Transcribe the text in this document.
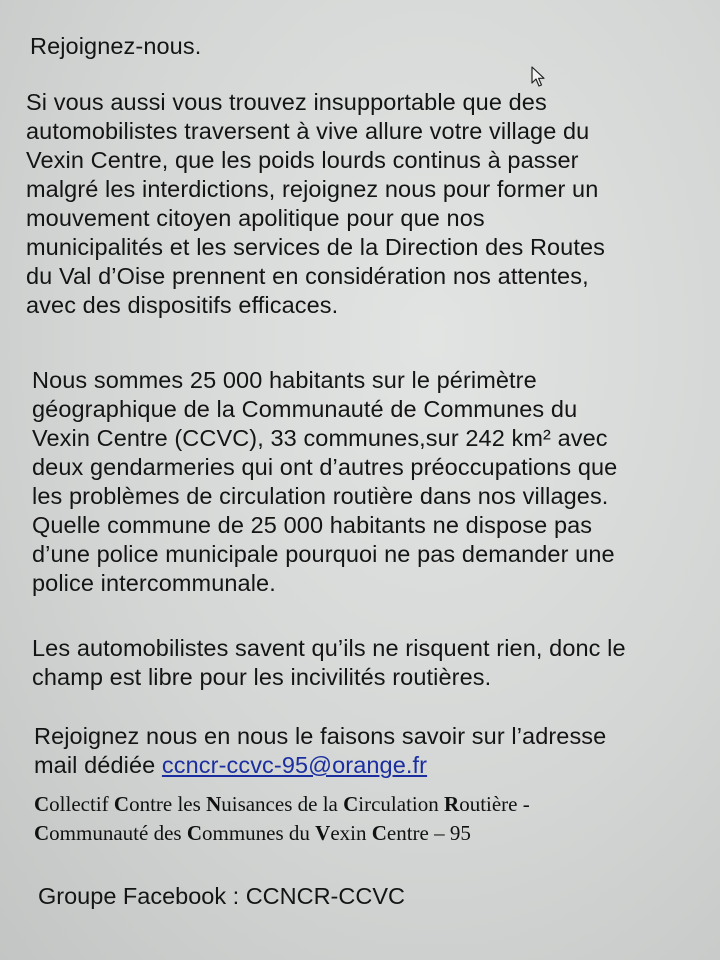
Rejoignez-nous.

Si vous aussi vous trouvez insupportable que des

automobilistes traversent à vive allure votre village du

Vexin Centre, que les poids lourds continus à passer

malgré les interdictions, rejoignez nous pour former un

mouvement citoyen apolitique pour que nos

municipalités et les services de la Direction des Routes

du Val d’Oise prennent en considération nos attentes,

avec des dispositifs efficaces.

Nous sommes 25 000 habitants sur le périmètre

géographique de la Communauté de Communes du

Vexin Centre (CCVC), 33 communes,sur 242 km² avec

deux gendarmeries qui ont d’autres préoccupations que

les problèmes de circulation routière dans nos villages.

Quelle commune de 25 000 habitants ne dispose pas

d’une police municipale pourquoi ne pas demander une

police intercommunale.

Les automobilistes savent qu’ils ne risquent rien, donc le

champ est libre pour les incivilités routières.

Rejoignez nous en nous le faisons savoir sur l’adresse

mail dédiée ccncr-ccvc-95@orange.fr

Collectif Contre les Nuisances de la Circulation Routière -
Communauté des Communes du Vexin Centre – 95
Groupe Facebook : CCNCR-CCVC
